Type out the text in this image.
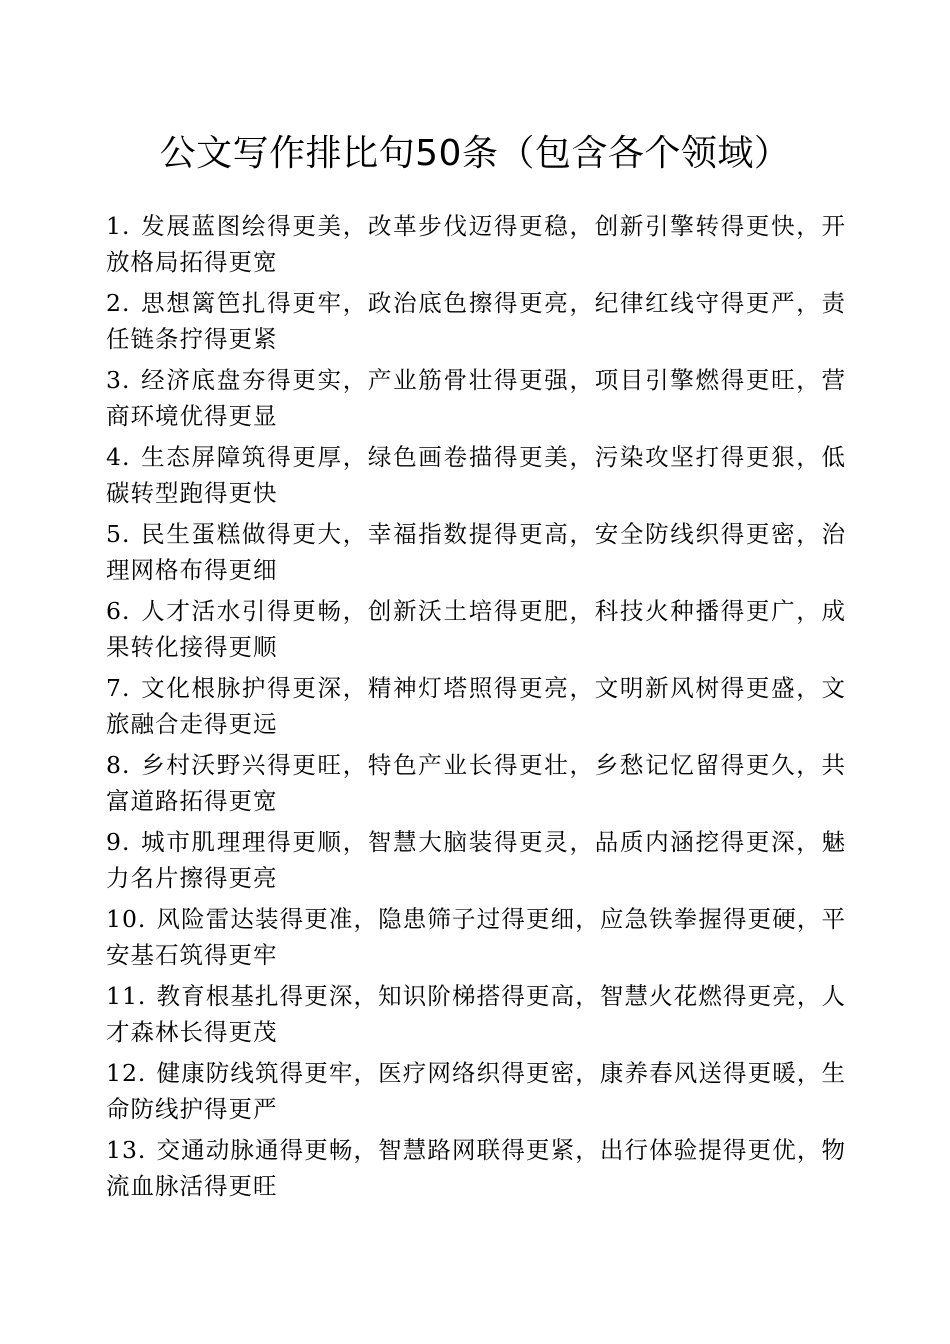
公文写作排比句50条（包含各个领域）
1. 发展蓝图绘得更美，改革步伐迈得更稳，创新引擎转得更快，开放格局拓得更宽
2. 思想篱笆扎得更牢，政治底色擦得更亮，纪律红线守得更严，责任链条拧得更紧
3. 经济底盘夯得更实，产业筋骨壮得更强，项目引擎燃得更旺，营商环境优得更显
4. 生态屏障筑得更厚，绿色画卷描得更美，污染攻坚打得更狠，低碳转型跑得更快
5. 民生蛋糕做得更大，幸福指数提得更高，安全防线织得更密，治理网格布得更细
6. 人才活水引得更畅，创新沃土培得更肥，科技火种播得更广，成果转化接得更顺
7. 文化根脉护得更深，精神灯塔照得更亮，文明新风树得更盛，文旅融合走得更远
8. 乡村沃野兴得更旺，特色产业长得更壮，乡愁记忆留得更久，共富道路拓得更宽
9. 城市肌理理得更顺，智慧大脑装得更灵，品质内涵挖得更深，魅力名片擦得更亮
10. 风险雷达装得更准，隐患筛子过得更细，应急铁拳握得更硬，平安基石筑得更牢
11. 教育根基扎得更深，知识阶梯搭得更高，智慧火花燃得更亮，人才森林长得更茂
12. 健康防线筑得更牢，医疗网络织得更密，康养春风送得更暖，生命防线护得更严
13. 交通动脉通得更畅，智慧路网联得更紧，出行体验提得更优，物流血脉活得更旺
